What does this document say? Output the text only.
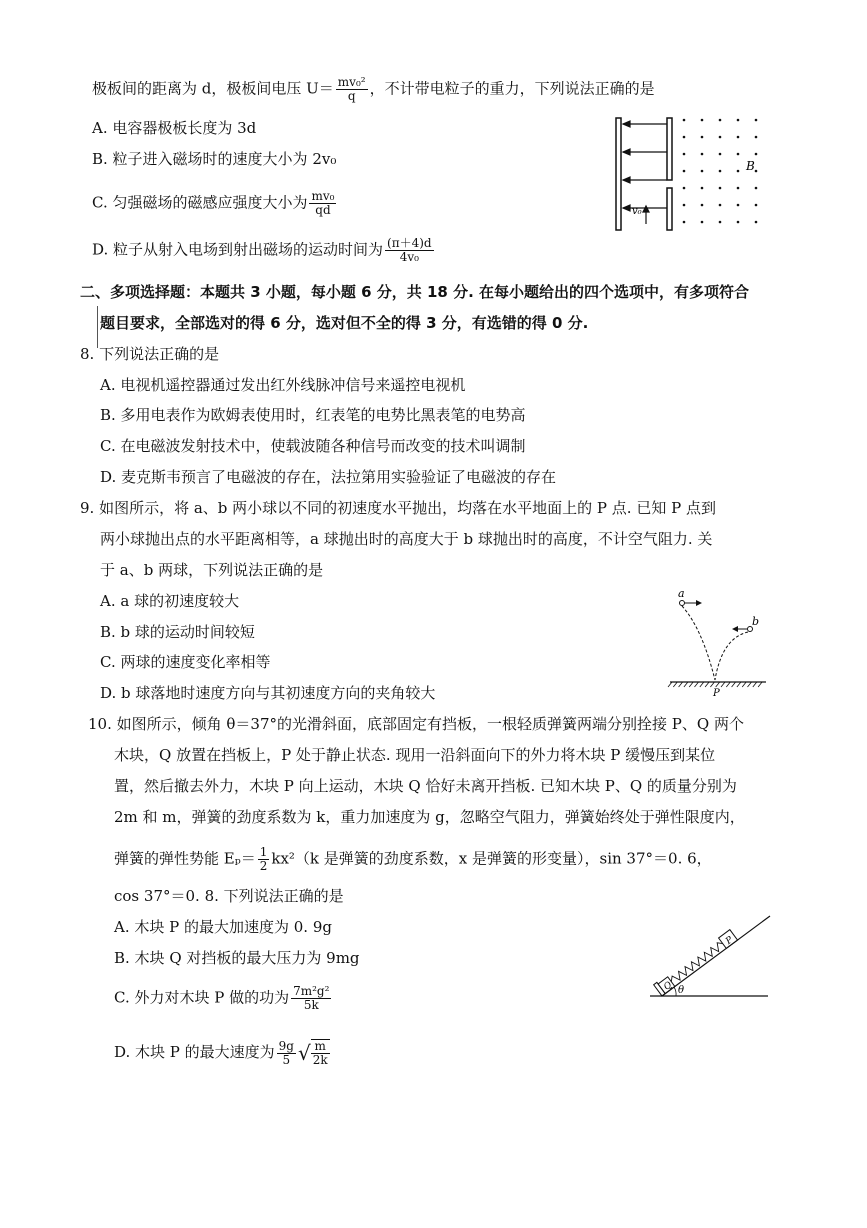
极板间的距离为 d，极板间电压 $U= \frac{\text{mv₀²}}{q}$ ，不计带电粒子的重力，下列说法正确的是
A. 电容器极板长度为 3d
B. 粒子进入磁场时的速度大小为 2v₀
C. 匀强磁场的磁感应强度大小为 $\frac{\text{mv₀}}{qd}$
D. 粒子从射入电场到射出磁场的运动时间为 $\frac{(\pi+4)d}{\text{4v₀}}$
v₀
B
二、多项选择题：本题共 3 小题，每小题 6 分，共 18 分. 在每小题给出的四个选项中，有多项符合
题目要求，全部选对的得 6 分，选对但不全的得 3 分，有选错的得 0 分.
8. 下列说法正确的是
A. 电视机遥控器通过发出红外线脉冲信号来遥控电视机
B. 多用电表作为欧姆表使用时，红表笔的电势比黑表笔的电势高
C. 在电磁波发射技术中，使载波随各种信号而改变的技术叫调制
D. 麦克斯韦预言了电磁波的存在，法拉第用实验验证了电磁波的存在
9. 如图所示，将 a、b 两小球以不同的初速度水平抛出，均落在水平地面上的 P 点. 已知 P 点到
两小球抛出点的水平距离相等，a 球抛出时的高度大于 b 球抛出时的高度，不计空气阻力. 关
于 a、b 两球，下列说法正确的是
A. a 球的初速度较大
B. b 球的运动时间较短
C. 两球的速度变化率相等
D. b 球落地时速度方向与其初速度方向的夹角较大
a
b
P
10. 如图所示，倾角 θ＝37°的光滑斜面，底部固定有挡板，一根轻质弹簧两端分别拴接 P、Q 两个
木块，Q 放置在挡板上，P 处于静止状态. 现用一沿斜面向下的外力将木块 P 缓慢压到某位
置，然后撤去外力，木块 P 向上运动，木块 Q 恰好未离开挡板. 已知木块 P、Q 的质量分别为
2m 和 m，弹簧的劲度系数为 k，重力加速度为 g，忽略空气阻力，弹簧始终处于弹性限度内，
弹簧的弹性势能 $E_p= \frac{1}{2} kx^2(k$ 是弹簧的劲度系数，x 是弹簧的形变量），sin 37°＝0. 6，
cos 37°＝0. 8. 下列说法正确的是
A. 木块 P 的最大加速度为 0. 9g
B. 木块 Q 对挡板的最大压力为 9mg
C. 外力对木块 P 做的功为 $\frac{\text{7m²g²}}{5k}$
D. 木块 P 的最大速度为 $\frac{9g}{5}$ √ $\frac{m}{2k}$
Q
P
θ
